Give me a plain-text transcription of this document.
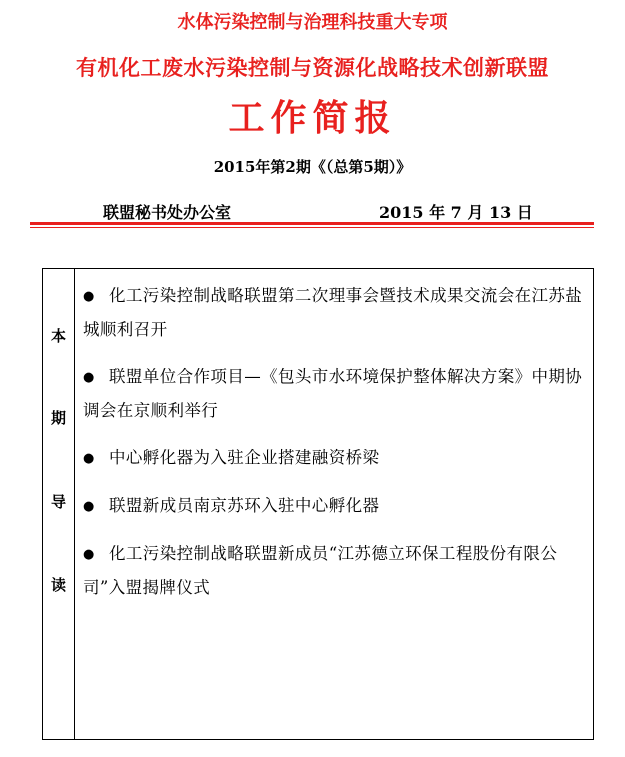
水体污染控制与治理科技重大专项
有机化工废水污染控制与资源化战略技术创新联盟
工作简报
2015年第2期《（总第5期）》
联盟秘书处办公室	2015 年 7 月 13 日
本
期
导
读
● 化工污染控制战略联盟第二次理事会暨技术成果交流会在江苏盐城顺利召开
● 联盟单位合作项目—《包头市水环境保护整体解决方案》中期协调会在京顺利举行
● 中心孵化器为入驻企业搭建融资桥梁
● 联盟新成员南京苏环入驻中心孵化器
● 化工污染控制战略联盟新成员“江苏德立环保工程股份有限公司”入盟揭牌仪式
